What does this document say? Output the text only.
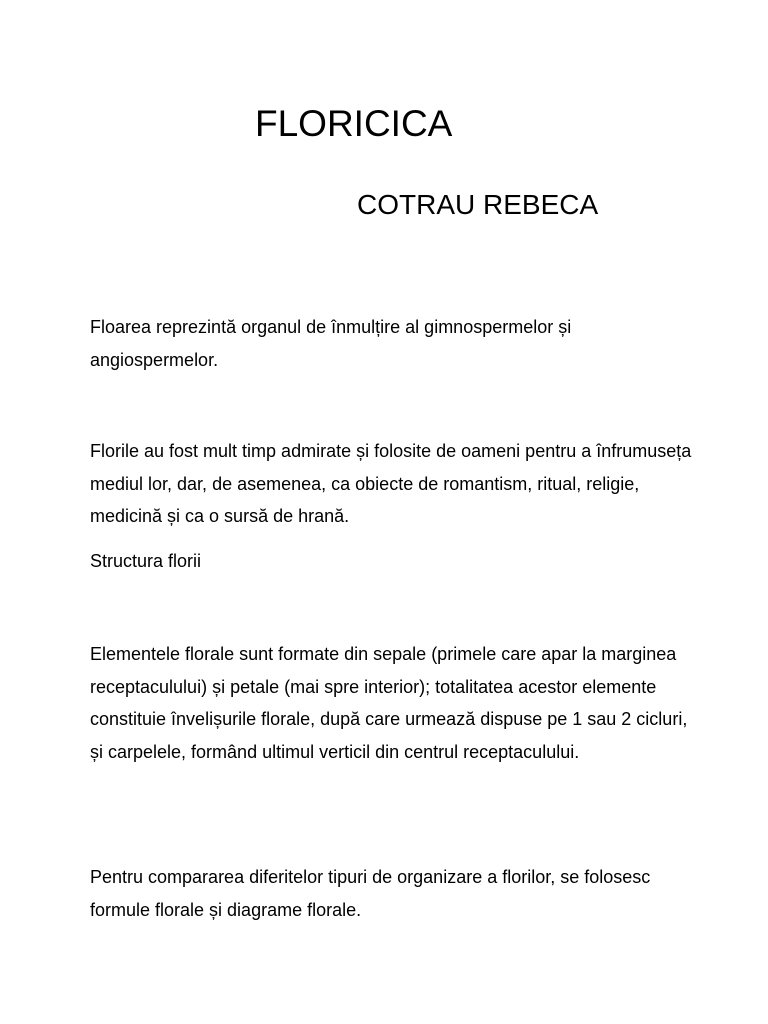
FLORICICA

COTRAU REBECA

Floarea reprezintă organul de înmulțire al gimnospermelor și angiospermelor.

Florile au fost mult timp admirate și folosite de oameni pentru a înfrumuseța mediul lor, dar, de asemenea, ca obiecte de romantism, ritual, religie, medicină și ca o sursă de hrană.

Structura florii

Elementele florale sunt formate din sepale (primele care apar la marginea receptaculului) și petale (mai spre interior); totalitatea acestor elemente constituie învelișurile florale, după care urmează dispuse pe 1 sau 2 cicluri, și carpelele, formând ultimul verticil din centrul receptaculului.

Pentru compararea diferitelor tipuri de organizare a florilor, se folosesc formule florale și diagrame florale.
